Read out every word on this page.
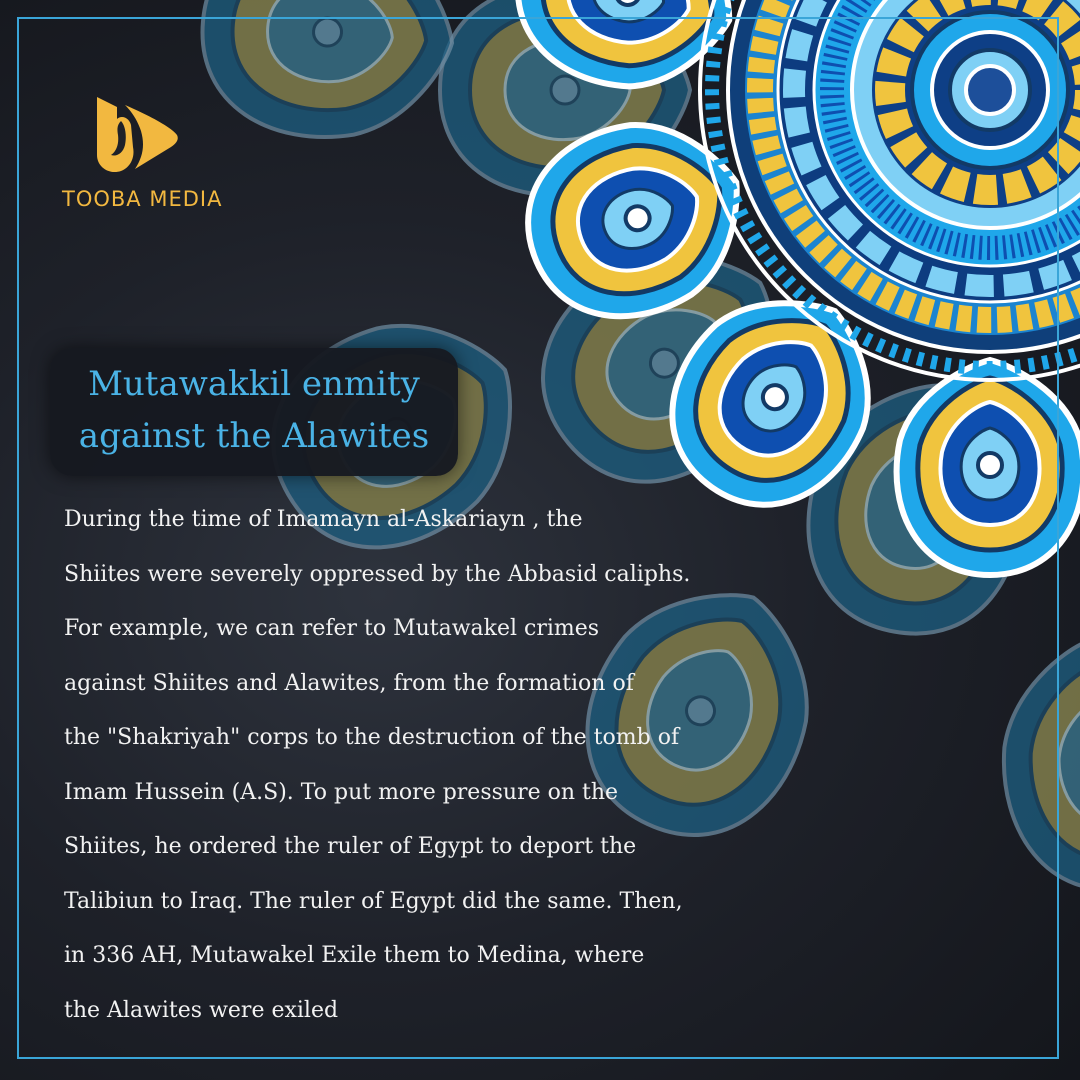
TOOBA MEDIA
Mutawakkil enmity
against the Alawites

During the time of Imamayn al-Askariayn , the
Shiites were severely oppressed by the Abbasid caliphs.
For example, we can refer to Mutawakel crimes
against Shiites and Alawites, from the formation of
the "Shakriyah" corps to the destruction of the tomb of
Imam Hussein (A.S). To put more pressure on the
Shiites, he ordered the ruler of Egypt to deport the
Talibiun to Iraq. The ruler of Egypt did the same. Then,
in 336 AH, Mutawakel Exile them to Medina, where
the Alawites were exiled
